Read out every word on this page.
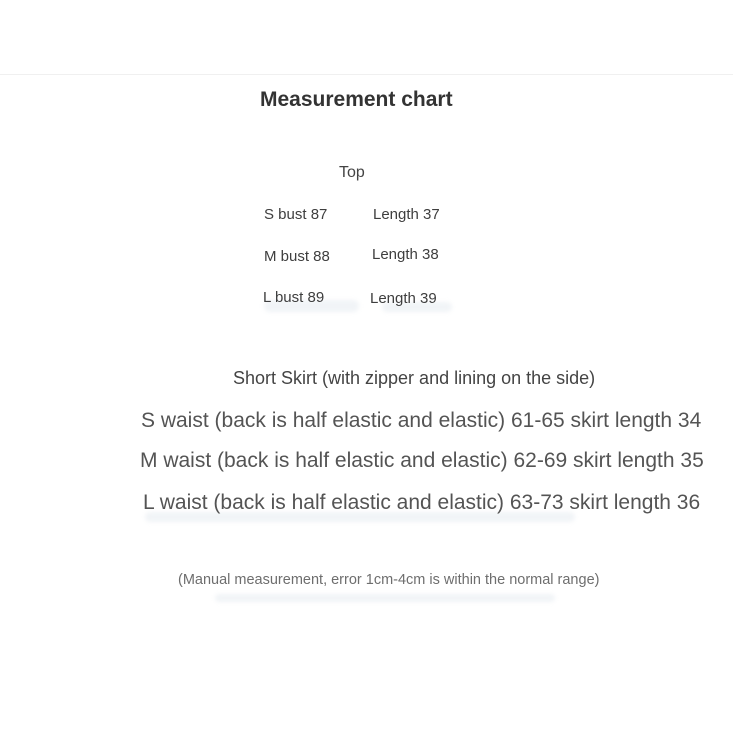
Measurement chart
Top
S bust 87	Length 37
M bust 88	Length 38
L bust 89	Length 39
Short Skirt (with zipper and lining on the side)
S waist (back is half elastic and elastic) 61-65 skirt length 34
M waist (back is half elastic and elastic) 62-69 skirt length 35
L waist (back is half elastic and elastic) 63-73 skirt length 36
(Manual measurement, error 1cm-4cm is within the normal range)
